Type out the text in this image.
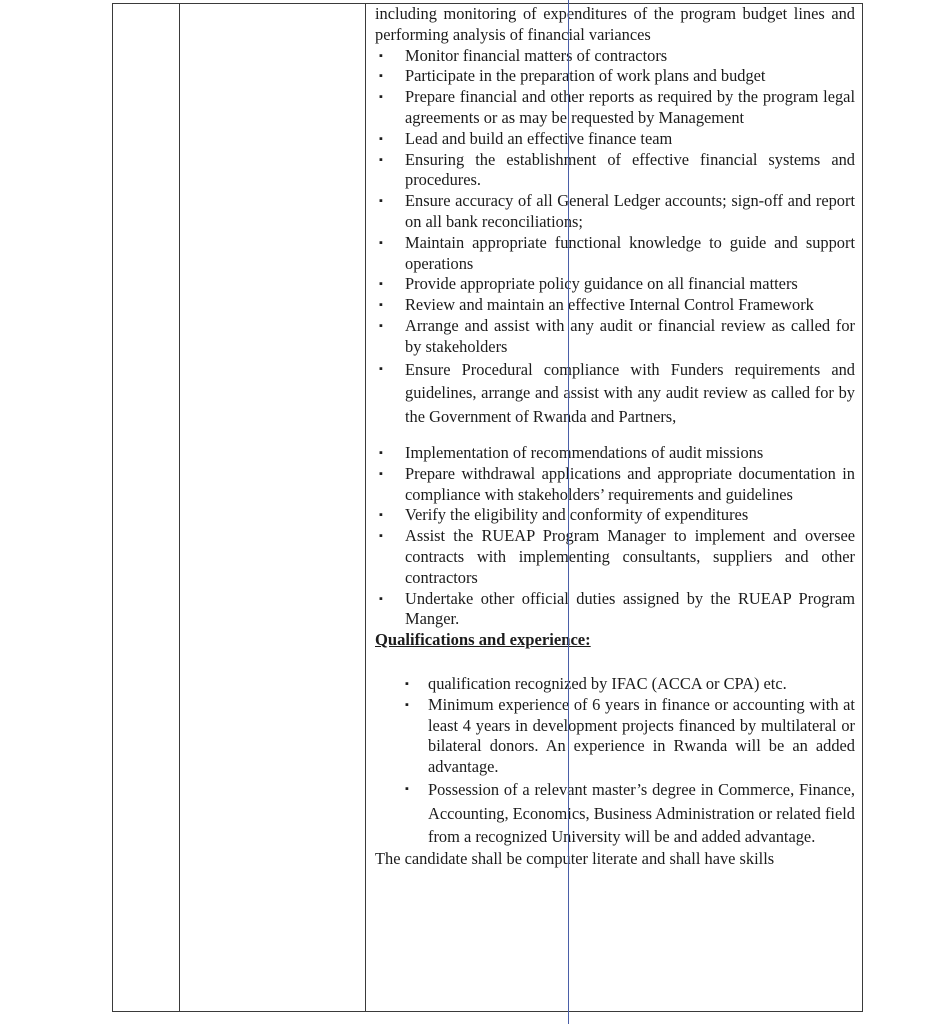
including monitoring of expenditures of the program budget lines and performing analysis of financial variances

▪ Monitor financial matters of contractors
▪ Participate in the preparation of work plans and budget
▪ Prepare financial and other reports as required by the program legal agreements or as may be requested by Management
▪ Lead and build an effective finance team
▪ Ensuring the establishment of effective financial systems and procedures.
▪ Ensure accuracy of all General Ledger accounts; sign-off and report on all bank reconciliations;
▪ Maintain appropriate functional knowledge to guide and support operations
▪ Provide appropriate policy guidance on all financial matters
▪ Review and maintain an effective Internal Control Framework
▪ Arrange and assist with any audit or financial review as called for by stakeholders
▪ Ensure Procedural compliance with Funders requirements and guidelines, arrange and assist with any audit review as called for by the Government of Rwanda and Partners,
▪ Implementation of recommendations of audit missions
▪ Prepare withdrawal applications and appropriate documentation in compliance with stakeholders’ requirements and guidelines
▪ Verify the eligibility and conformity of expenditures
▪ Assist the RUEAP Program Manager to implement and oversee contracts with implementing consultants, suppliers and other contractors
▪ Undertake other official duties assigned by the RUEAP Program Manger.

Qualifications and experience:

▪ qualification recognized by IFAC (ACCA or CPA) etc.
▪ Minimum experience of 6 years in finance or accounting with at least 4 years in development projects financed by multilateral or bilateral donors. An experience in Rwanda will be an added advantage.
▪ Possession of a relevant master’s degree in Commerce, Finance, Accounting, Economics, Business Administration or related field from a recognized University will be and added advantage.

The candidate shall be computer literate and shall have skills
